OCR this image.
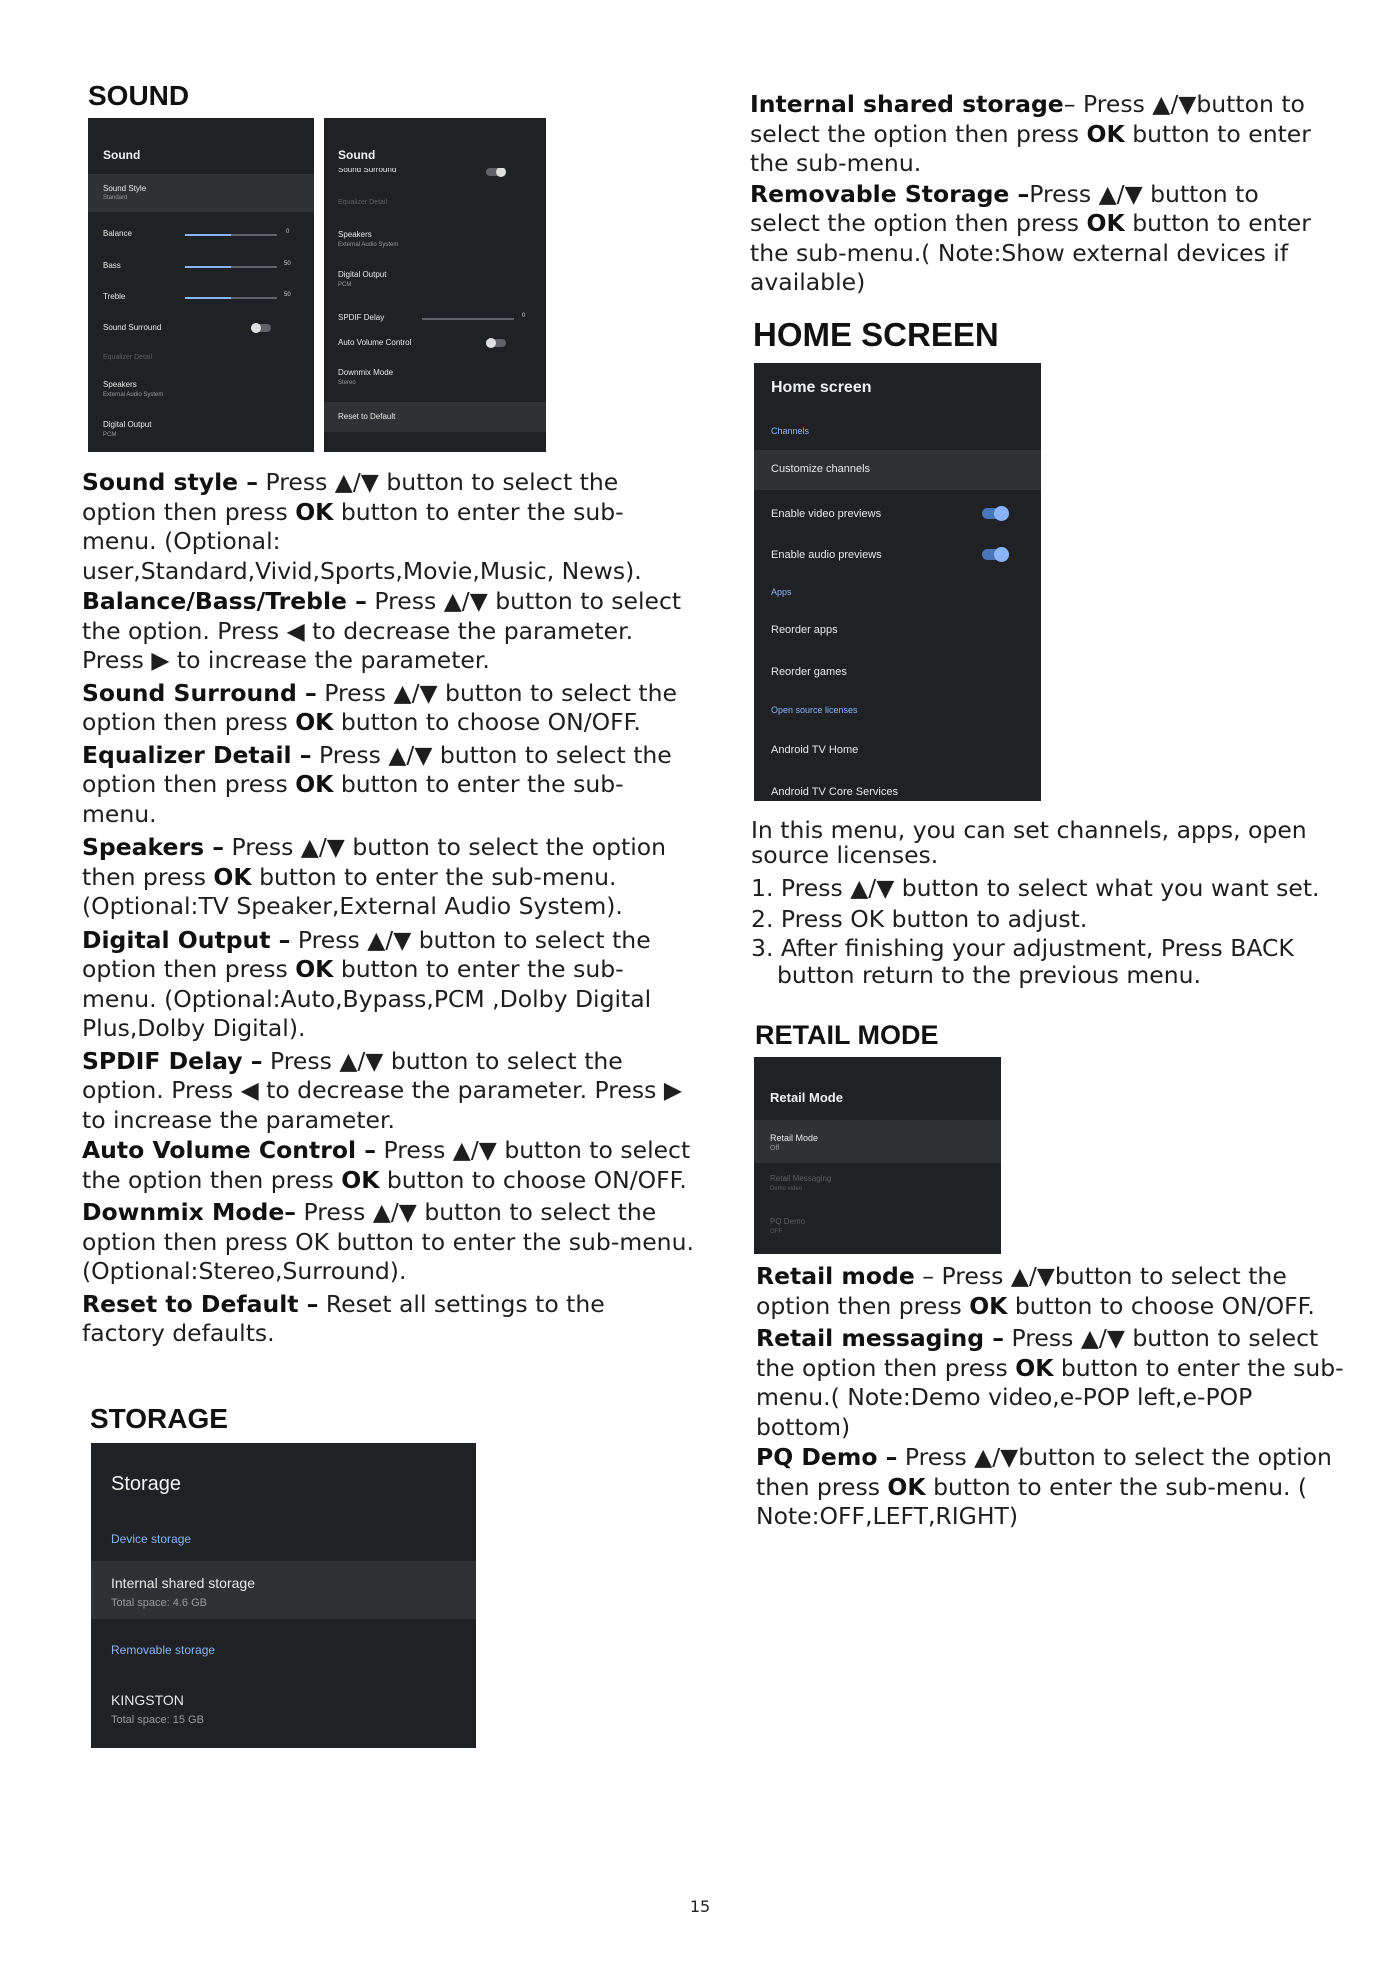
SOUND
Sound
Sound Style
Standard
Balance	0
Bass	50
Treble	50
Sound Surround
Equalizer Detail
Speakers
External Audio System
Digital Output
PCM
Sound
Sound Surround
Equalizer Detail
Speakers
External Audio System
Digital Output
PCM
SPDIF Delay	0
Auto Volume Control
Downmix Mode
Stereo
Reset to Default

Sound style – Press ▲/▼ button to select the option then press OK button to enter the sub-menu. (Optional: user,Standard,Vivid,Sports,Movie,Music, News).

Balance/Bass/Treble – Press ▲/▼ button to select the option. Press ◀ to decrease the parameter. Press ▶ to increase the parameter.

Sound Surround – Press ▲/▼ button to select the option then press OK button to choose ON/OFF.

Equalizer Detail – Press ▲/▼ button to select the option then press OK button to enter the sub-menu.

Speakers – Press ▲/▼ button to select the option then press OK button to enter the sub-menu. (Optional:TV Speaker,External Audio System).

Digital Output – Press ▲/▼ button to select the option then press OK button to enter the sub-menu. (Optional:Auto,Bypass,PCM ,Dolby Digital Plus,Dolby Digital).

SPDIF Delay – Press ▲/▼ button to select the option. Press ◀ to decrease the parameter. Press ▶ to increase the parameter.

Auto Volume Control – Press ▲/▼ button to select the option then press OK button to choose ON/OFF.

Downmix Mode– Press ▲/▼ button to select the option then press OK button to enter the sub-menu. (Optional:Stereo,Surround).

Reset to Default – Reset all settings to the factory defaults.

STORAGE
Storage
Device storage
Internal shared storage
Total space: 4.6 GB
Removable storage
KINGSTON
Total space: 15 GB

Internal shared storage– Press ▲/▼button to select the option then press OK button to enter the sub-menu.

Removable Storage –Press ▲/▼ button to select the option then press OK button to enter the sub-menu.( Note:Show external devices if available)

HOME SCREEN
Home screen
Channels
Customize channels
Enable video previews
Enable audio previews
Apps
Reorder apps
Reorder games
Open source licenses
Android TV Home
Android TV Core Services

In this menu, you can set channels, apps, open source licenses.

1. Press ▲/▼ button to select what you want set.

2. Press OK button to adjust.

3. After finishing your adjustment, Press BACK button return to the previous menu.

RETAIL MODE
Retail Mode
Retail Mode
Off
Retail Messaging
Demo video
PQ Demo
OFF

Retail mode – Press ▲/▼button to select the option then press OK button to choose ON/OFF.

Retail messaging – Press ▲/▼ button to select the option then press OK button to enter the sub-menu.( Note:Demo video,e-POP left,e-POP bottom)

PQ Demo – Press ▲/▼button to select the option then press OK button to enter the sub-menu. ( Note:OFF,LEFT,RIGHT)

15
